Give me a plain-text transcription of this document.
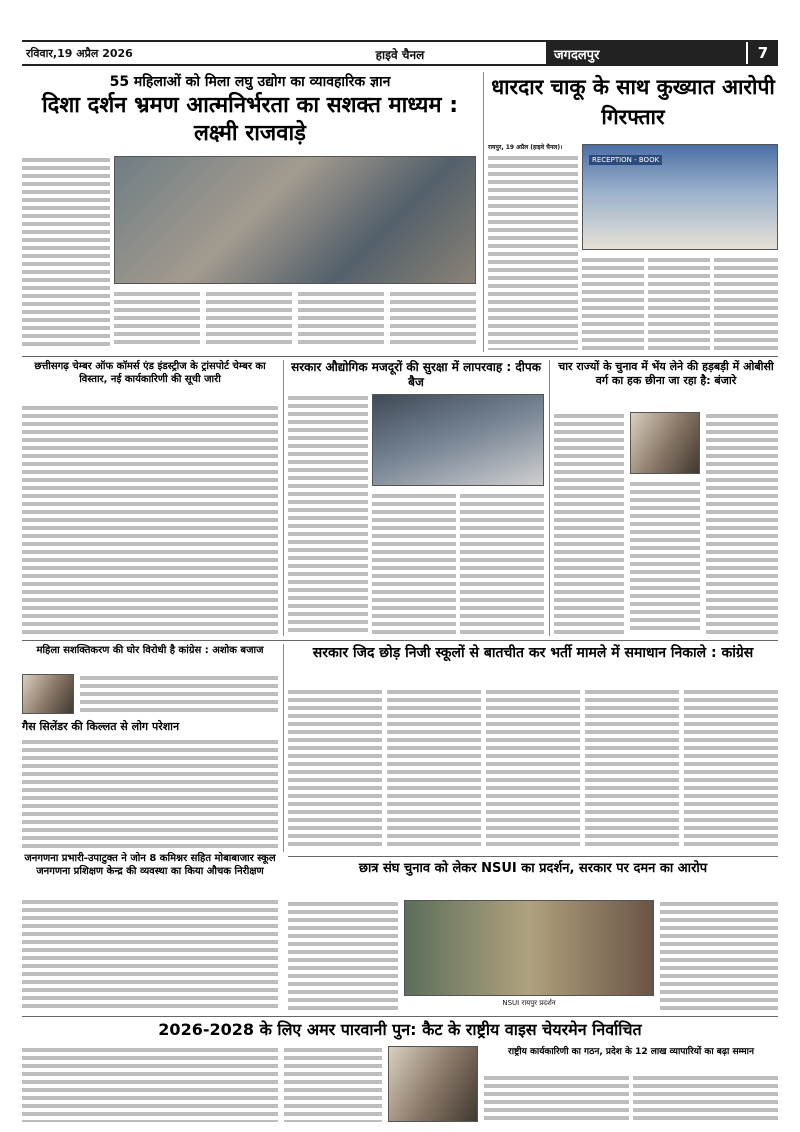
रविवार,19 अप्रैल 2026	हाइवे चैनल	जगदलपुर	7
55 महिलाओं को मिला लघु उद्योग का व्यावहारिक ज्ञान
दिशा दर्शन भ्रमण आत्मनिर्भरता का सशक्त माध्यम : लक्ष्मी राजवाड़े
धारदार चाकू के साथ कुख्यात आरोपी गिरफ्तार
रायपुर, 19 अप्रैल (हाइवे चैनल)।
RECEPTION - BOOK
छत्तीसगढ़ चेम्बर ऑफ कॉमर्स एंड इंडस्ट्रीज के ट्रांसपोर्ट चेम्बर का विस्तार, नई कार्यकारिणी की सूची जारी
सरकार औद्योगिक मजदूरों की सुरक्षा में लापरवाह : दीपक बैज
चार राज्यों के चुनाव में भेंय लेने की हड़बड़ी में ओबीसी वर्ग का हक छीना जा रहा है: बंजारे
महिला सशक्तिकरण की घोर विरोधी है कांग्रेस : अशोक बजाज
गैस सिलेंडर की किल्लत से लोग परेशान
सरकार जिद छोड़ निजी स्कूलों से बातचीत कर भर्ती मामले में समाधान निकाले : कांग्रेस
जनगणना प्रभारी-उपाटुक्त ने जोन 8 कमिश्नर सहित मोबाबाजार स्कूल जनगणना प्रशिक्षण केन्द्र की व्यवस्था का किया औचक निरीक्षण	छात्र संघ चुनाव को लेकर NSUI का प्रदर्शन, सरकार पर दमन का आरोप
NSUI रायपुर प्रदर्शन
2026-2028 के लिए अमर पारवानी पुन: कैट के राष्ट्रीय वाइस चेयरमेन निर्वाचित
राष्ट्रीय कार्यकारिणी का गठन, प्रदेश के 12 लाख व्यापारियों का बढ़ा सम्मान
